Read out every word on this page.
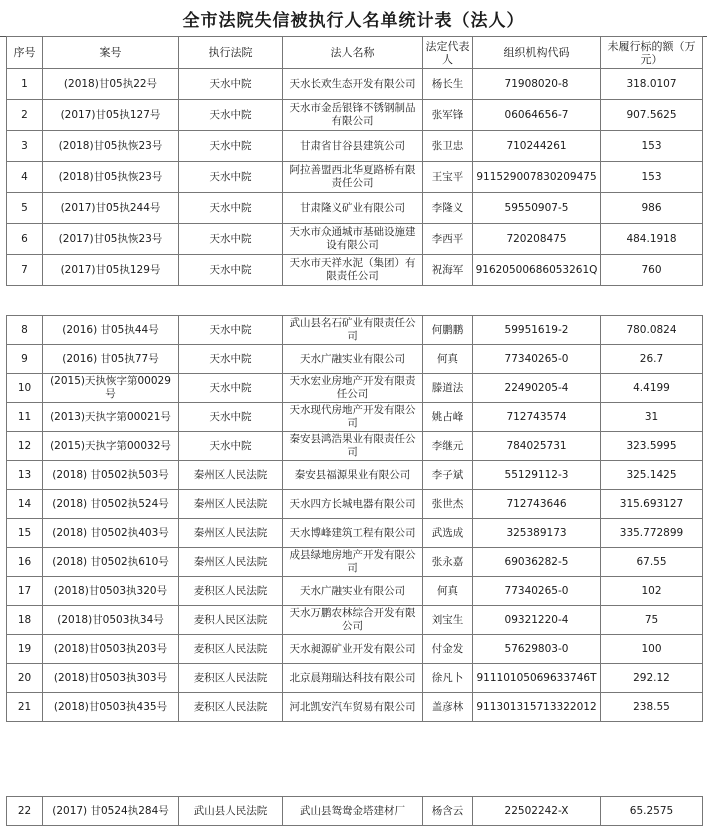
全市法院失信被执行人名单统计表（法人）
序号	案号	执行法院	法人名称	法定代表人	组织机构代码	未履行标的额（万元）
1	(2018)甘05执22号	天水中院	天水长欢生态开发有限公司	杨长生	71908020-8	318.0107
2	(2017)甘05执127号	天水中院	天水市金岳银锋不锈钢制品有限公司	张军锋	06064656-7	907.5625
3	(2018)甘05执恢23号	天水中院	甘肃省甘谷县建筑公司	张卫忠	710244261	153
4	(2018)甘05执恢23号	天水中院	阿拉善盟西北华夏路桥有限责任公司	王宝平	911529007830209475	153
5	(2017)甘05执244号	天水中院	甘肃隆义矿业有限公司	李隆义	59550907-5	986
6	(2017)甘05执恢23号	天水中院	天水市众通城市基础设施建设有限公司	李西平	720208475	484.1918
7	(2017)甘05执129号	天水中院	天水市天祥水泥（集团）有限责任公司	祝海军	91620500686053261Q	760
8	(2016) 甘05执44号	天水中院	武山县名石矿业有限责任公司	何鹏鹏	59951619-2	780.0824
9	(2016) 甘05执77号	天水中院	天水广融实业有限公司	何真	77340265-0	26.7
10	(2015)天执恢字第00029号	天水中院	天水宏业房地产开发有限责任公司	滕道法	22490205-4	4.4199
11	(2013)天执字第00021号	天水中院	天水现代房地产开发有限公司	姚占峰	712743574	31
12	(2015)天执字第00032号	天水中院	秦安县鸿浩果业有限责任公司	李继元	784025731	323.5995
13	(2018) 甘0502执503号	秦州区人民法院	秦安县福源果业有限公司	李子斌	55129112-3	325.1425
14	(2018) 甘0502执524号	秦州区人民法院	天水四方长城电器有限公司	张世杰	712743646	315.693127
15	(2018) 甘0502执403号	秦州区人民法院	天水博峰建筑工程有限公司	武选成	325389173	335.772899
16	(2018) 甘0502执610号	秦州区人民法院	成县绿地房地产开发有限公司	张永嘉	69036282-5	67.55
17	(2018)甘0503执320号	麦积区人民法院	天水广融实业有限公司	何真	77340265-0	102
18	(2018)甘0503执34号	麦积人民区法院	天水万鹏农林综合开发有限公司	刘宝生	09321220-4	75
19	(2018)甘0503执203号	麦积区人民法院	天水昶源矿业开发有限公司	付金发	57629803-0	100
20	(2018)甘0503执303号	麦积区人民法院	北京晨翔瑞达科技有限公司	徐凡卜	91110105069633746T	292.12
21	(2018)甘0503执435号	麦积区人民法院	河北凯安汽车贸易有限公司	盖彦林	911301315713322012	238.55
22	(2017) 甘0524执284号	武山县人民法院	武山县鸳鸯金塔建材厂	杨含云	22502242-X	65.2575
